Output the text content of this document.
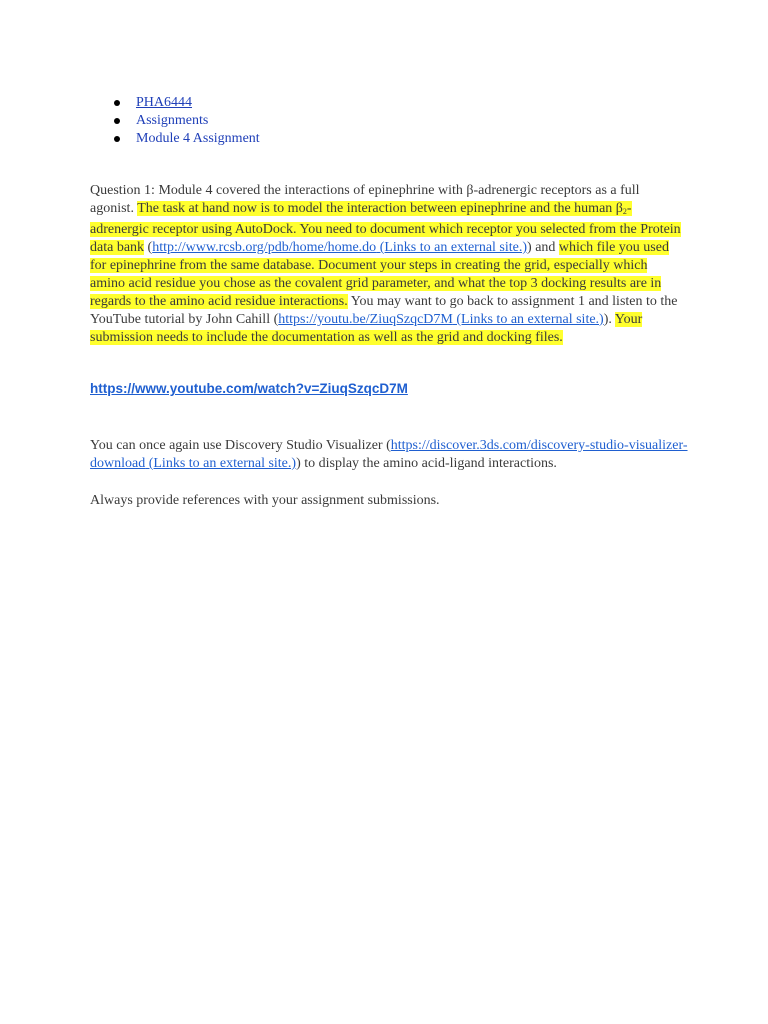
PHA6444
Assignments
Module 4 Assignment

Question 1: Module 4 covered the interactions of epinephrine with β-adrenergic receptors as a full agonist. The task at hand now is to model the interaction between epinephrine and the human $\beta_2$-adrenergic receptor using AutoDock. You need to document which receptor you selected from the Protein data bank (http://www.rcsb.org/pdb/home/home.do (Links to an external site.)) and which file you used for epinephrine from the same database. Document your steps in creating the grid, especially which amino acid residue you chose as the covalent grid parameter, and what the top 3 docking results are in regards to the amino acid residue interactions. You may want to go back to assignment 1 and listen to the YouTube tutorial by John Cahill (https://youtu.be/ZiuqSzqcD7M (Links to an external site.)). Your submission needs to include the documentation as well as the grid and docking files.

https://www.youtube.com/watch?v=ZiuqSzqcD7M

You can once again use Discovery Studio Visualizer (https://discover.3ds.com/discovery-studio-visualizer-download (Links to an external site.)) to display the amino acid-ligand interactions.

Always provide references with your assignment submissions.
